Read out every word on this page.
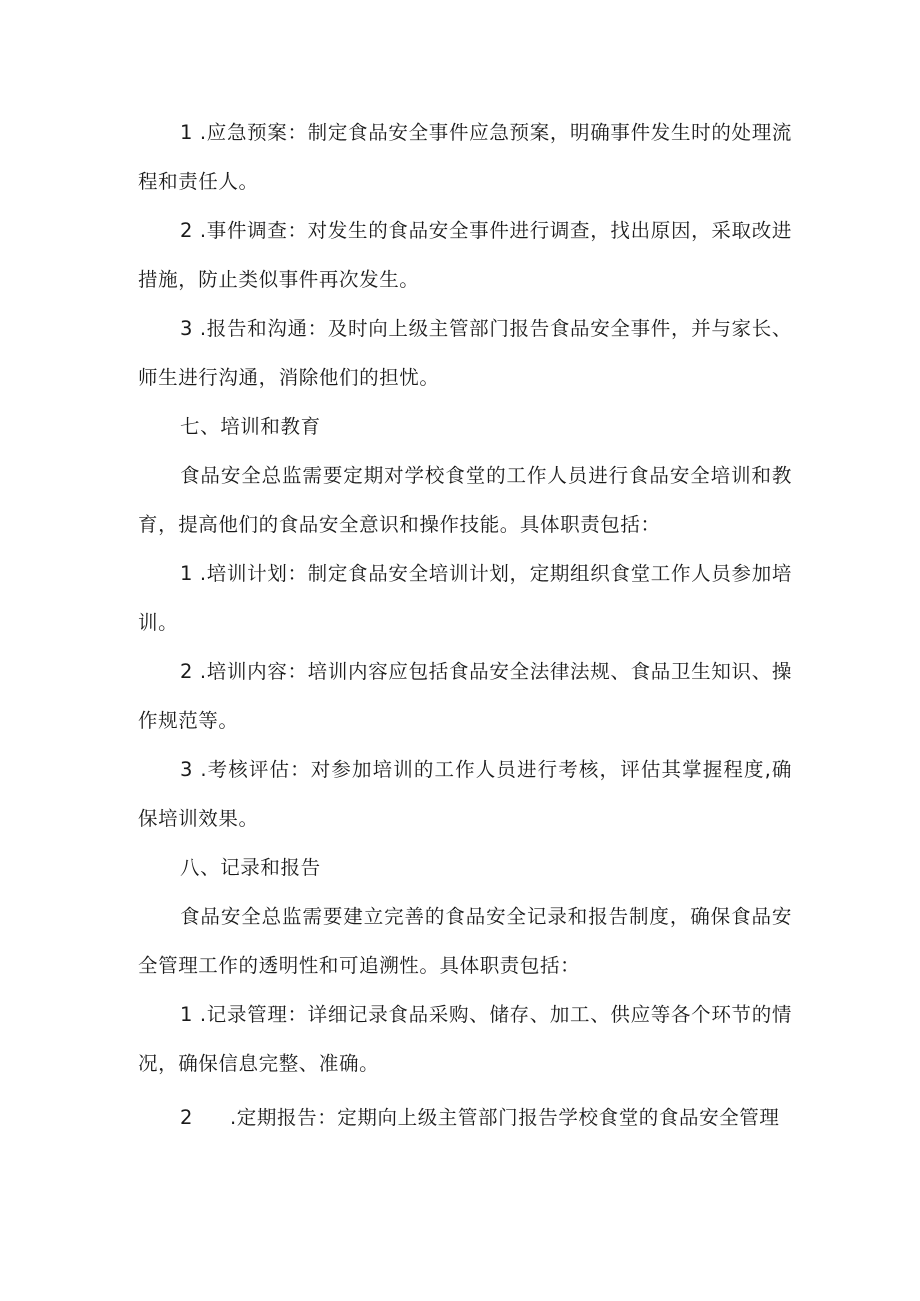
1 .应急预案：制定食品安全事件应急预案，明确事件发生时的处理流程和责任人。

2 .事件调查：对发生的食品安全事件进行调查，找出原因，采取改进措施，防止类似事件再次发生。

3 .报告和沟通：及时向上级主管部门报告食品安全事件，并与家长、师生进行沟通，消除他们的担忧。

七、培训和教育

食品安全总监需要定期对学校食堂的工作人员进行食品安全培训和教育，提高他们的食品安全意识和操作技能。具体职责包括：

1 .培训计划：制定食品安全培训计划，定期组织食堂工作人员参加培训。

2 .培训内容：培训内容应包括食品安全法律法规、食品卫生知识、操作规范等。

3 .考核评估：对参加培训的工作人员进行考核，评估其掌握程度,确保培训效果。

八、记录和报告

食品安全总监需要建立完善的食品安全记录和报告制度，确保食品安全管理工作的透明性和可追溯性。具体职责包括：

1 .记录管理：详细记录食品采购、储存、加工、供应等各个环节的情况，确保信息完整、准确。

2 .定期报告：定期向上级主管部门报告学校食堂的食品安全管理
